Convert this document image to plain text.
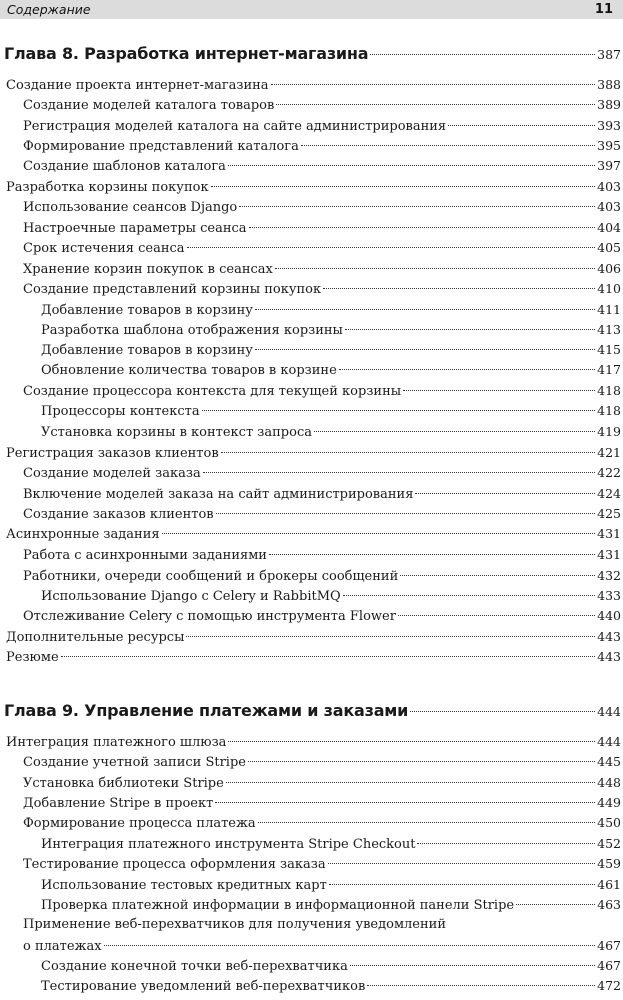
Содержание	11
Глава 8. Разработка интернет-магазина	387
Создание проекта интернет-магазина	388
Создание моделей каталога товаров	389
Регистрация моделей каталога на сайте администрирования	393
Формирование представлений каталога	395
Создание шаблонов каталога	397
Разработка корзины покупок	403
Использование сеансов Django	403
Настроечные параметры сеанса	404
Срок истечения сеанса	405
Хранение корзин покупок в сеансах	406
Создание представлений корзины покупок	410
Добавление товаров в корзину	411
Разработка шаблона отображения корзины	413
Добавление товаров в корзину	415
Обновление количества товаров в корзине	417
Создание процессора контекста для текущей корзины	418
Процессоры контекста	418
Установка корзины в контекст запроса	419
Регистрация заказов клиентов	421
Создание моделей заказа	422
Включение моделей заказа на сайт администрирования	424
Создание заказов клиентов	425
Асинхронные задания	431
Работа с асинхронными заданиями	431
Работники, очереди сообщений и брокеры сообщений	432
Использование Django с Celery и RabbitMQ	433
Отслеживание Celery с помощью инструмента Flower	440
Дополнительные ресурсы	443
Резюме	443
Глава 9. Управление платежами и заказами	444
Интеграция платежного шлюза	444
Создание учетной записи Stripe	445
Установка библиотеки Stripe	448
Добавление Stripe в проект	449
Формирование процесса платежа	450
Интеграция платежного инструмента Stripe Checkout	452
Тестирование процесса оформления заказа	459
Использование тестовых кредитных карт	461
Проверка платежной информации в информационной панели Stripe	463
Применение веб-перехватчиков для получения уведомлений
о платежах	467
Создание конечной точки веб-перехватчика	467
Тестирование уведомлений веб-перехватчиков	472
